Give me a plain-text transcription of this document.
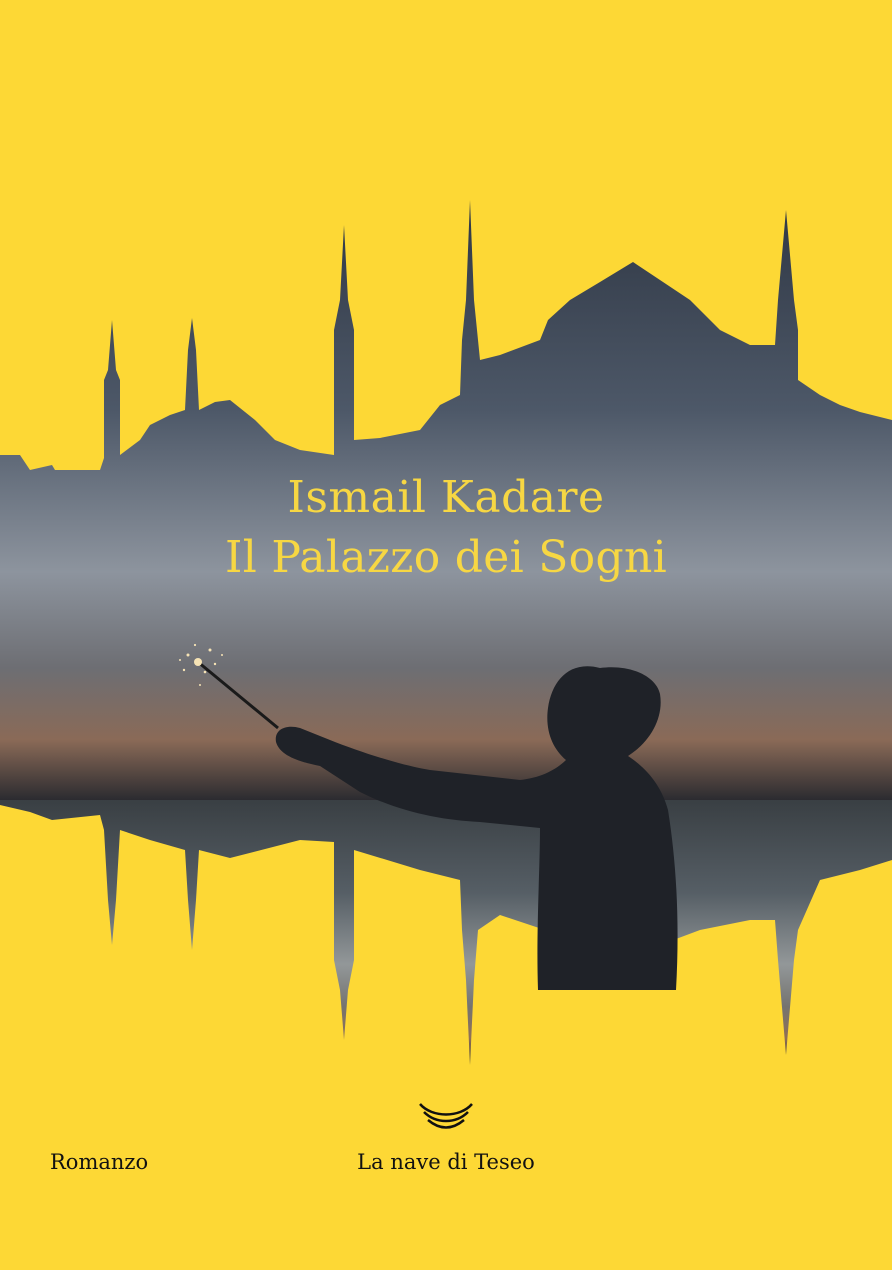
Ismail Kadare
Il Palazzo dei Sogni
Romanzo	La nave di Teseo
